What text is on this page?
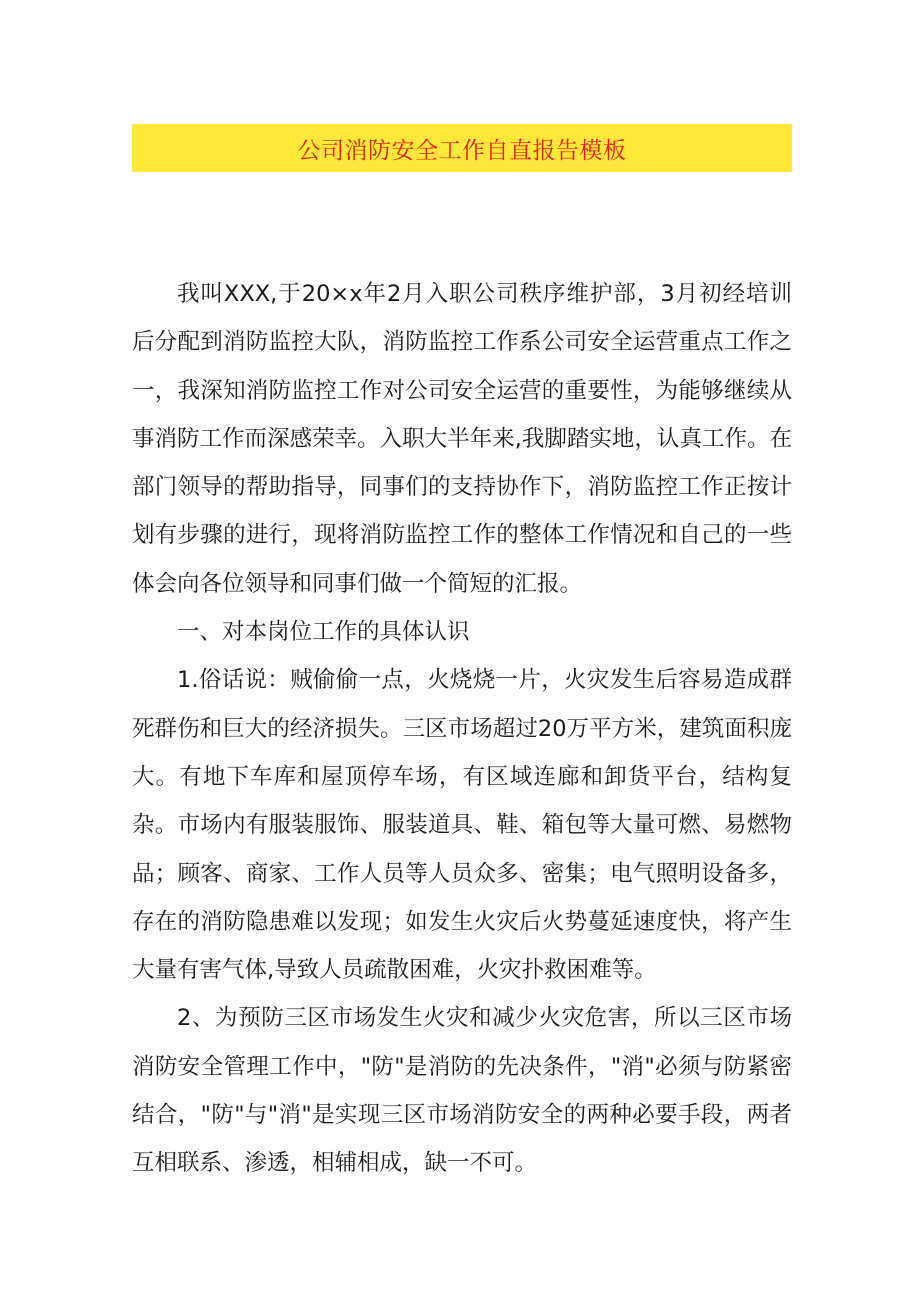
公司消防安全工作自直报告模板

我叫XXX,于20×x年2月入职公司秩序维护部，3月初经培训后分配到消防监控大队，消防监控工作系公司安全运营重点工作之一，我深知消防监控工作对公司安全运营的重要性，为能够继续从事消防工作而深感荣幸。入职大半年来,我脚踏实地，认真工作。在部门领导的帮助指导，同事们的支持协作下，消防监控工作正按计划有步骤的进行，现将消防监控工作的整体工作情况和自己的一些体会向各位领导和同事们做一个简短的汇报。

一、对本岗位工作的具体认识

1.俗话说：贼偷偷一点，火烧烧一片，火灾发生后容易造成群死群伤和巨大的经济损失。三区市场超过20万平方米，建筑面积庞大。有地下车库和屋顶停车场，有区域连廊和卸货平台，结构复杂。市场内有服装服饰、服装道具、鞋、箱包等大量可燃、易燃物品；顾客、商家、工作人员等人员众多、密集；电气照明设备多，存在的消防隐患难以发现；如发生火灾后火势蔓延速度快，将产生大量有害气体,导致人员疏散困难，火灾扑救困难等。

2、为预防三区市场发生火灾和减少火灾危害，所以三区市场消防安全管理工作中，"防"是消防的先决条件，"消"必须与防紧密结合，"防"与"消"是实现三区市场消防安全的两种必要手段，两者互相联系、渗透，相辅相成，缺一不可。
